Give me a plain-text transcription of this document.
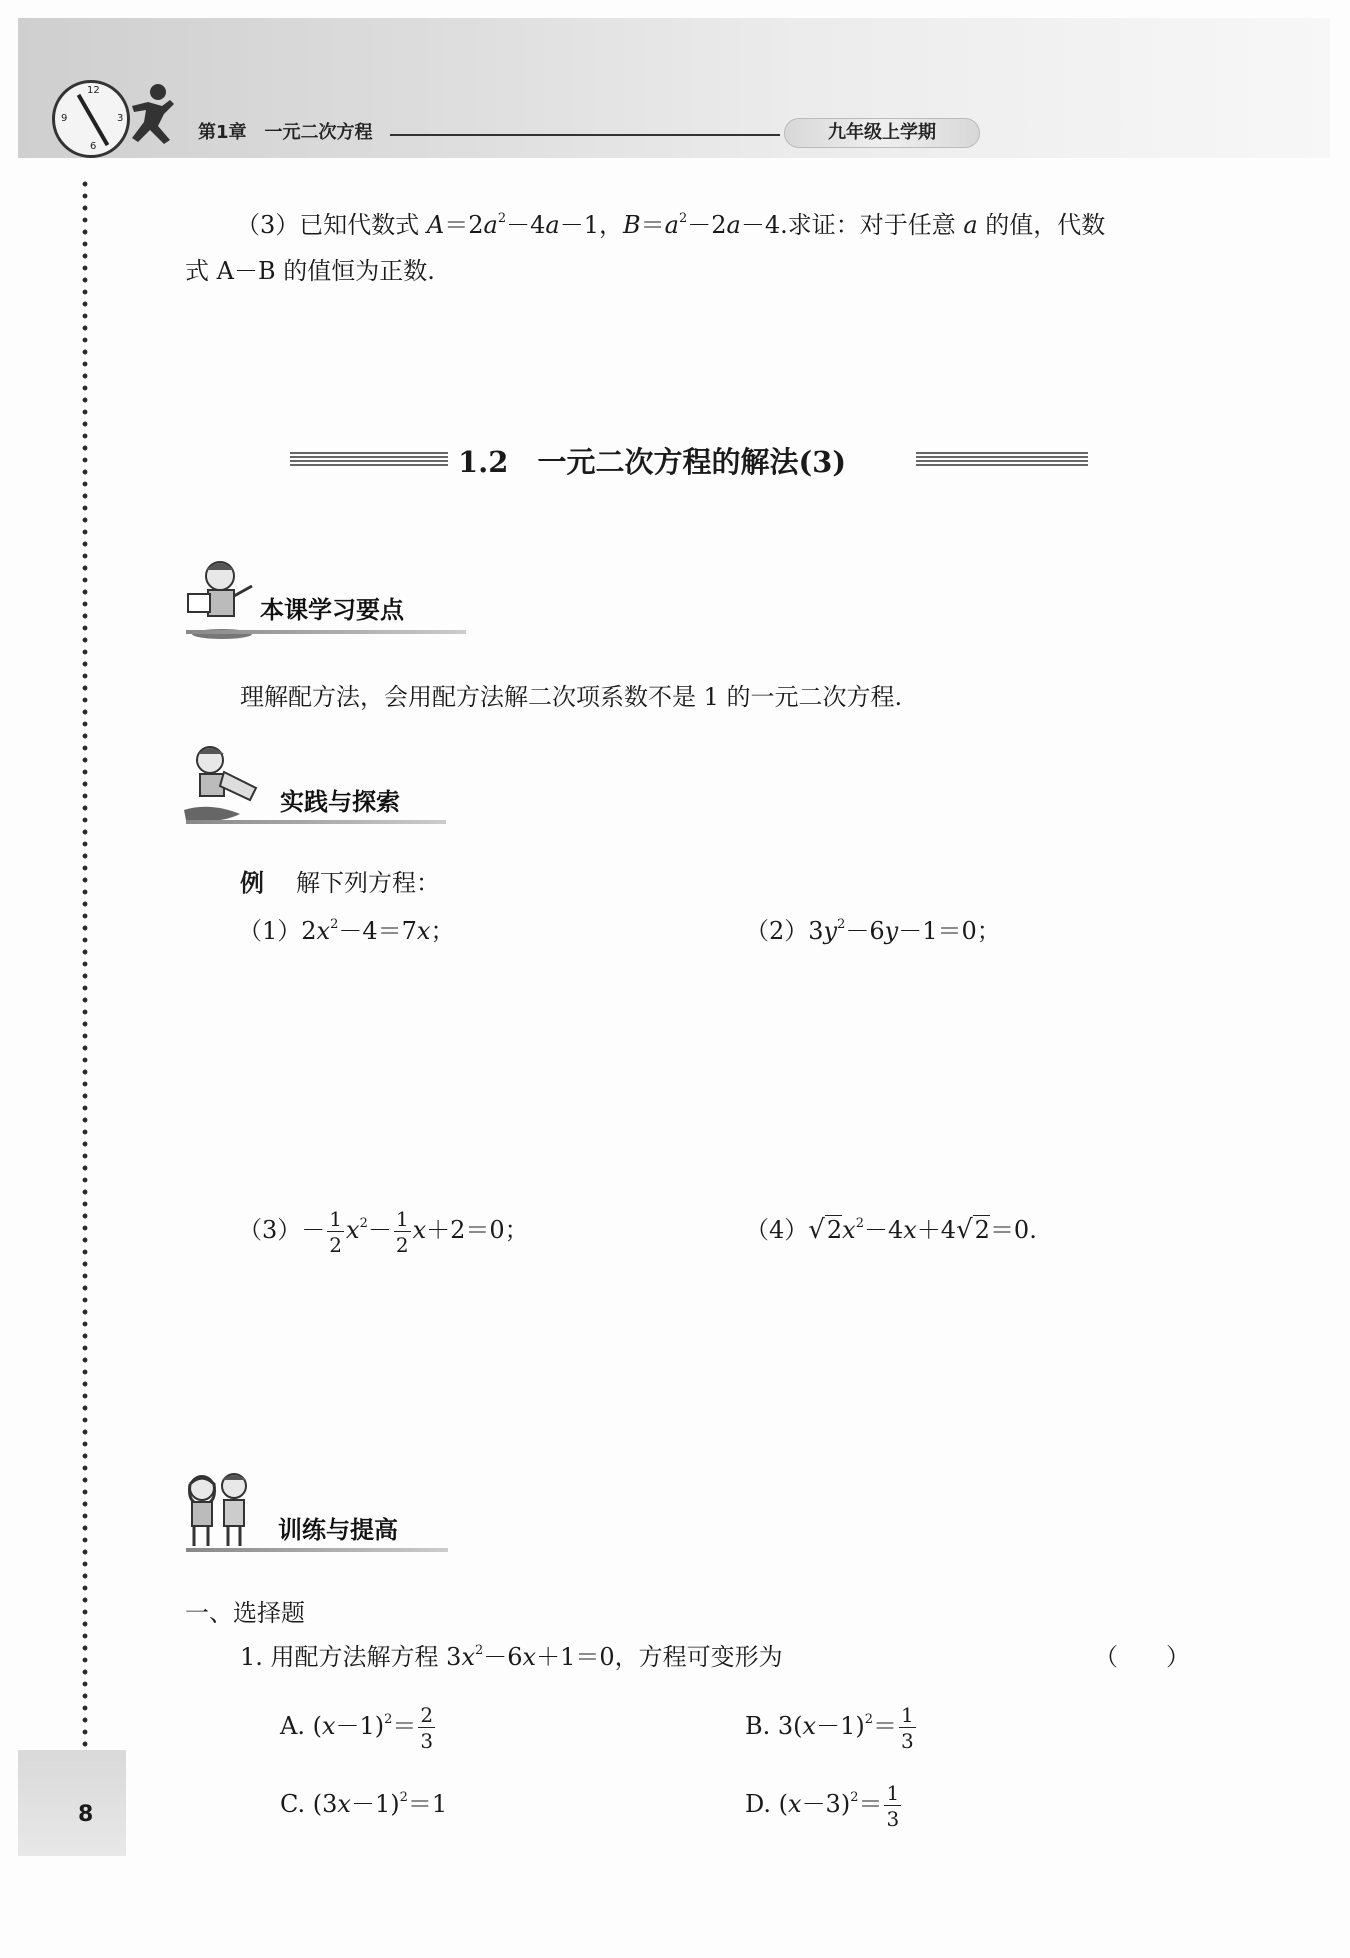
12
3
6
9
第1章　一元二次方程	九年级上学期
（3）已知代数式 $A=2a^2-4a-1$，$B=a^2-2a-4$.求证：对于任意 a 的值，代数
式 A－B 的值恒为正数.
1.2　一元二次方程的解法(3)
本课学习要点
理解配方法，会用配方法解二次项系数不是 1 的一元二次方程.
实践与探索
例 解下列方程：
$(1)2x^2-4=7x$；	$(2)3y^2-6y-1=0$；
$(3)- \frac{1}{2} x^2- \frac{1}{2} x+2=0$；	$(4)√2x^2-4x+4√2=0$.
训练与提高
一、选择题
1. 用配方法解方程 $3x^2-6x+1=0$，方程可变形为	（　　）
A. $(x-1)^2= \frac{2}{3}$	B. $3(x-1)^2= \frac{1}{3}$
C. $(3x-1)^2=1$	D. $(x-3)^2= \frac{1}{3}$
8
